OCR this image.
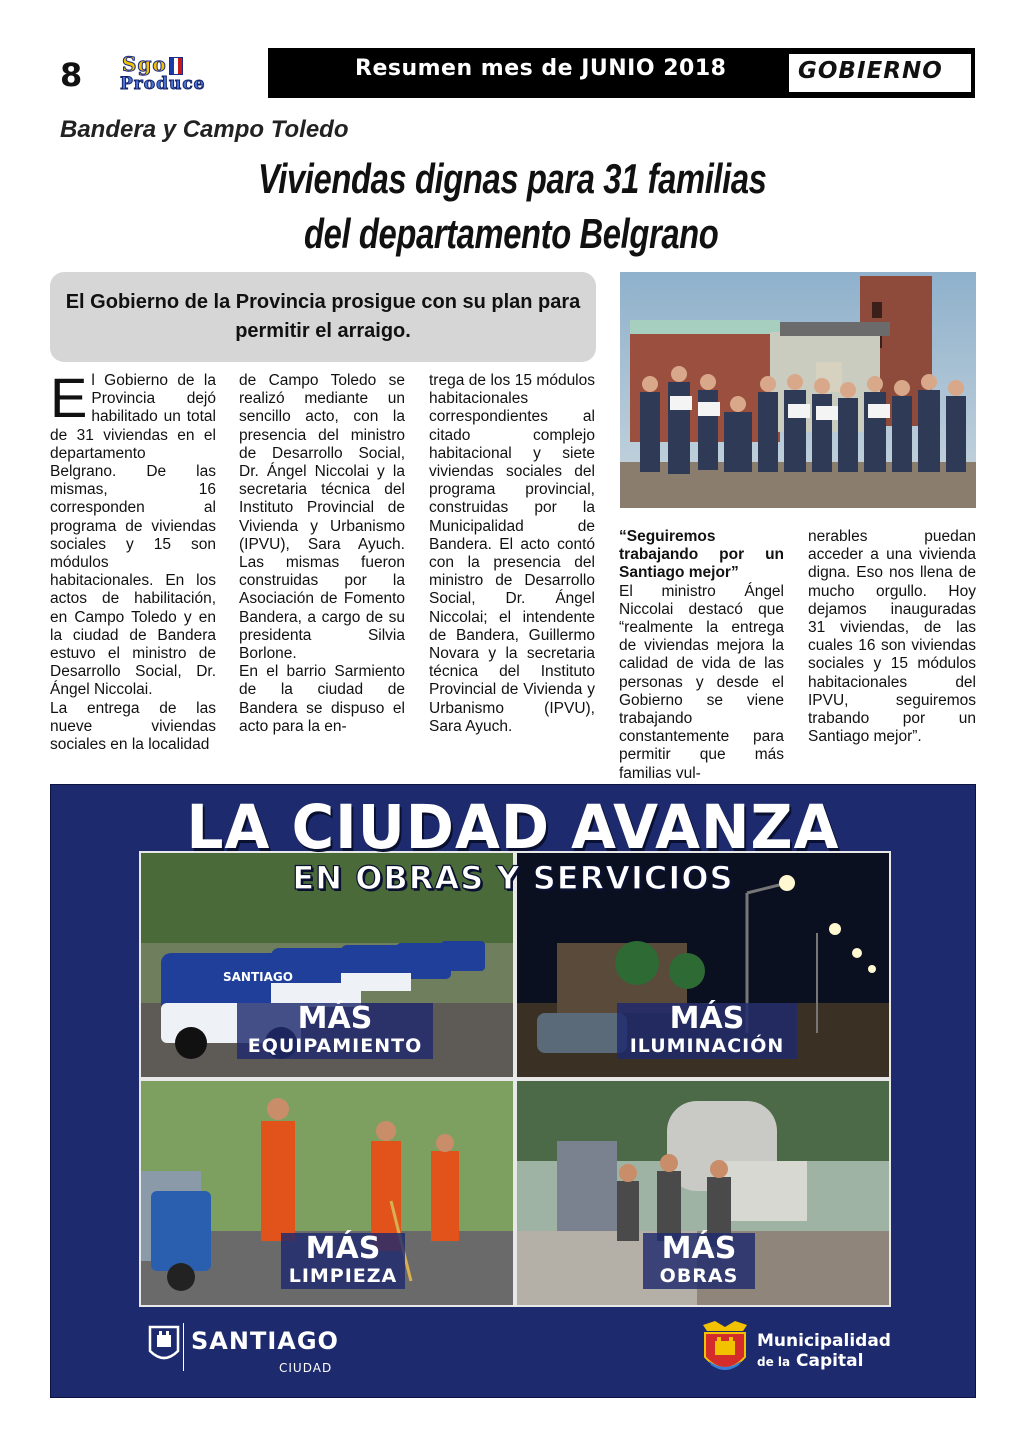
8 Sgo
Produce
Resumen mes de JUNIO 2018	GOBIERNO
Bandera y Campo Toledo
Viviendas dignas para 31 familias
del departamento Belgrano
El Gobierno de la Provincia prosigue con su plan para permitir el arraigo.
E l Gobierno de la Provincia dejó habilitado un total de 31 viviendas en el departamento Belgrano. De las mismas, 16 corresponden al programa de viviendas sociales y 15 son módulos habitacionales. En los actos de habilitación, en Campo Toledo y en la ciudad de Bandera estuvo el ministro de Desarrollo Social, Dr. Ángel Niccolai.

La entrega de las nueve viviendas sociales en la localidad

de Campo Toledo se realizó mediante un sencillo acto, con la presencia del ministro de Desarrollo Social, Dr. Ángel Niccolai y la secretaria técnica del Instituto Provincial de Vivienda y Urbanismo (IPVU), Sara Ayuch. Las mismas fueron construidas por la Asociación de Fomento Bandera, a cargo de su presidenta Silvia Borlone.

En el barrio Sarmiento de la ciudad de Bandera se dispuso el acto para la en-

trega de los 15 módulos habitacionales correspondientes al citado complejo habitacional y siete viviendas sociales del programa provincial, construidas por la Municipalidad de Bandera. El acto contó con la presencia del ministro de Desarrollo Social, Dr. Ángel Niccolai; el intendente de Bandera, Guillermo Novara y la secretaria técnica del Instituto Provincial de Vivienda y Urbanismo (IPVU), Sara Ayuch.

“Seguiremos trabajando por un Santiago mejor”

El ministro Ángel Niccolai destacó que “realmente la entrega de viviendas mejora la calidad de vida de las personas y desde el Gobierno se viene trabajando constantemente para permitir que más familias vul-

nerables puedan acceder a una vivienda digna. Eso nos llena de mucho orgullo. Hoy dejamos inauguradas 31 viviendas, de las cuales 16 son viviendas sociales y 15 módulos habitacionales del IPVU, seguiremos trabando por un Santiago mejor”.

SANTIAGO
MÁS
EQUIPAMIENTO
MÁS
ILUMINACIÓN
MÁS
LIMPIEZA
MÁS
OBRAS
LA CIUDAD AVANZA
EN OBRAS Y SERVICIOS
SANTIAGO
CIUDAD
Municipalidad
de la Capital
